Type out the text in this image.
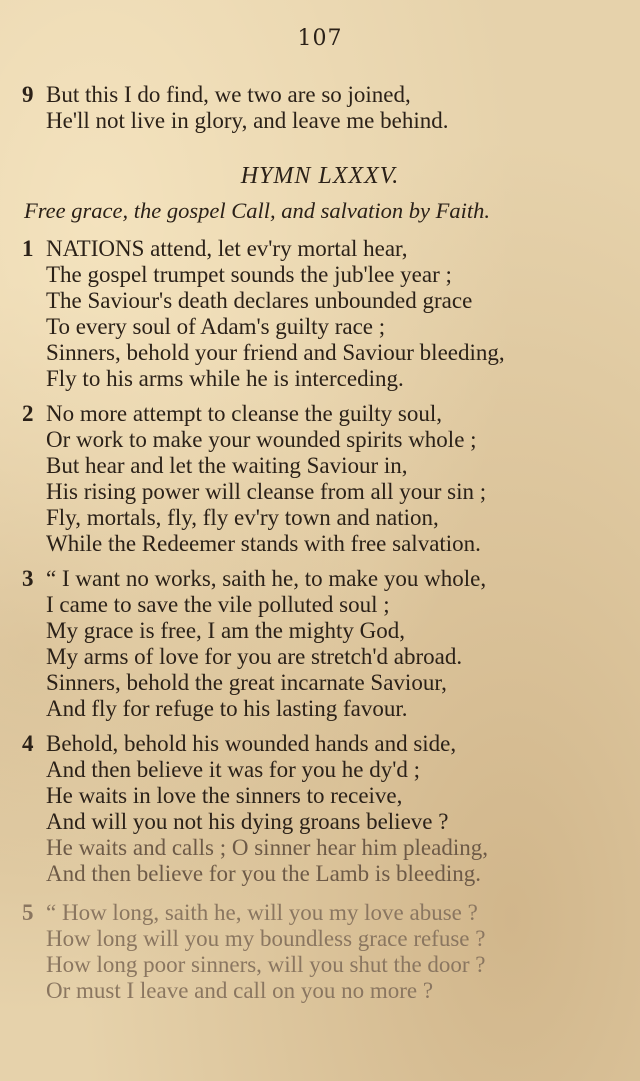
107
9 But this I do find, we two are so joined,
He'll not live in glory, and leave me behind.
HYMN LXXXV.
Free grace, the gospel Call, and salvation by Faith.
1 NATIONS attend, let ev'ry mortal hear,
The gospel trumpet sounds the jub'lee year ;
The Saviour's death declares unbounded grace
To every soul of Adam's guilty race ;
Sinners, behold your friend and Saviour bleeding,
Fly to his arms while he is interceding.
2 No more attempt to cleanse the guilty soul,
Or work to make your wounded spirits whole ;
But hear and let the waiting Saviour in,
His rising power will cleanse from all your sin ;
Fly, mortals, fly, fly ev'ry town and nation,
While the Redeemer stands with free salvation.
3 “ I want no works, saith he, to make you whole,
I came to save the vile polluted soul ;
My grace is free, I am the mighty God,
My arms of love for you are stretch'd abroad.
Sinners, behold the great incarnate Saviour,
And fly for refuge to his lasting favour.
4 Behold, behold his wounded hands and side,
And then believe it was for you he dy'd ;
He waits in love the sinners to receive,
And will you not his dying groans believe ?
He waits and calls ; O sinner hear him pleading,
And then believe for you the Lamb is bleeding.
5 “ How long, saith he, will you my love abuse ?
How long will you my boundless grace refuse ?
How long poor sinners, will you shut the door ?
Or must I leave and call on you no more ?
